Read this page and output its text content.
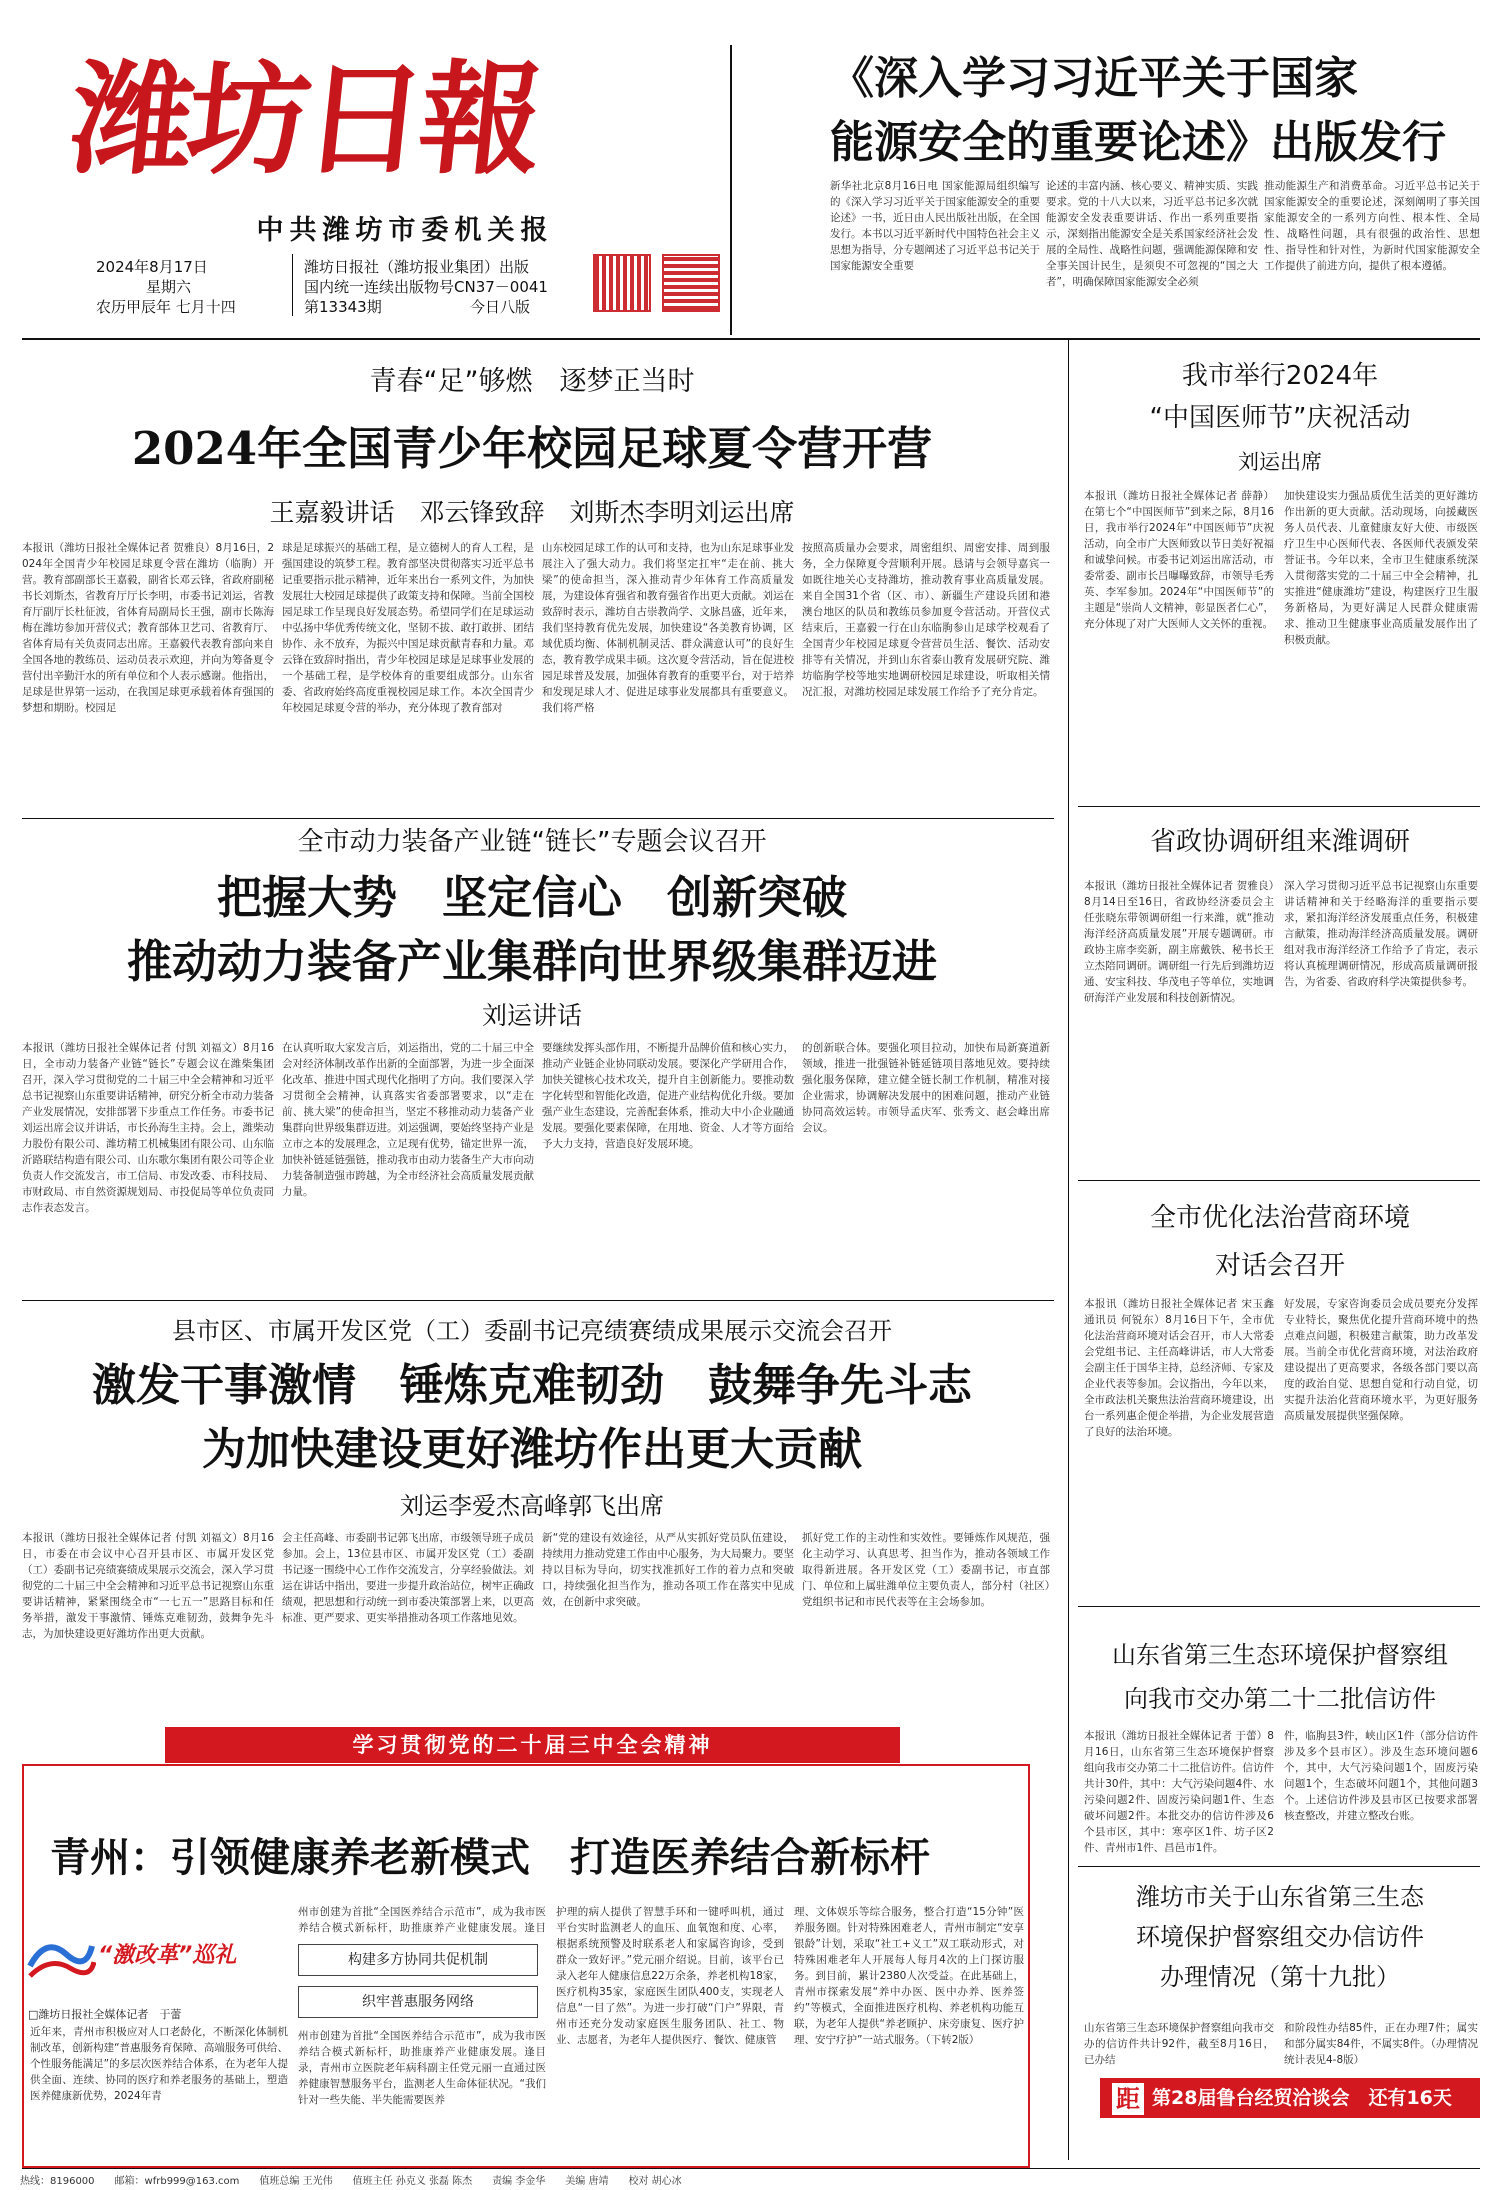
潍坊日報
中共潍坊市委机关报
2024年8月17日
星期六
农历甲辰年 七月十四
潍坊日报社（潍坊报业集团）出版
国内统一连续出版物号CN37－0041
第13343期	今日八版
《深入学习习近平关于国家
能源安全的重要论述》出版发行
新华社北京8月16日电 国家能源局组织编写的《深入学习习近平关于国家能源安全的重要论述》一书，近日由人民出版社出版，在全国发行。本书以习近平新时代中国特色社会主义思想为指导，分专题阐述了习近平总书记关于国家能源安全重要
论述的丰富内涵、核心要义、精神实质、实践要求。党的十八大以来，习近平总书记多次就能源安全发表重要讲话、作出一系列重要指示，深刻指出能源安全是关系国家经济社会发展的全局性、战略性问题，强调能源保障和安全事关国计民生，是须臾不可忽视的“国之大者”，明确保障国家能源安全必须
推动能源生产和消费革命。习近平总书记关于国家能源安全的重要论述，深刻阐明了事关国家能源安全的一系列方向性、根本性、全局性、战略性问题，具有很强的政治性、思想性、指导性和针对性，为新时代国家能源安全工作提供了前进方向，提供了根本遵循。
青春“足”够燃　逐梦正当时
2024年全国青少年校园足球夏令营开营
王嘉毅讲话　邓云锋致辞　刘斯杰李明刘运出席
本报讯（潍坊日报社全媒体记者 贺雅良）8月16日，2024年全国青少年校园足球夏令营在潍坊（临朐）开营。教育部副部长王嘉毅，副省长邓云锋，省政府副秘书长刘斯杰，省教育厅厅长李明，市委书记刘运，省教育厅副厅长杜征波，省体育局副局长王强，副市长陈海梅在潍坊参加开营仪式；教育部体卫艺司、省教育厅、省体育局有关负责同志出席。王嘉毅代表教育部向来自全国各地的教练员、运动员表示欢迎，并向为筹备夏令营付出辛勤汗水的所有单位和个人表示感谢。他指出，足球是世界第一运动，在我国足球更承载着体育强国的梦想和期盼。校园足
球是足球振兴的基础工程，是立德树人的育人工程，是强国建设的筑梦工程。教育部坚决贯彻落实习近平总书记重要指示批示精神，近年来出台一系列文件，为加快发展壮大校园足球提供了政策支持和保障。当前全国校园足球工作呈现良好发展态势。希望同学们在足球运动中弘扬中华优秀传统文化，坚韧不拔、敢打敢拼、团结协作、永不放弃，为振兴中国足球贡献青春和力量。邓云锋在致辞时指出，青少年校园足球是足球事业发展的一个基础工程，是学校体育的重要组成部分。山东省委、省政府始终高度重视校园足球工作。本次全国青少年校园足球夏令营的举办，充分体现了教育部对
山东校园足球工作的认可和支持，也为山东足球事业发展注入了强大动力。我们将坚定扛牢“走在前、挑大梁”的使命担当，深入推动青少年体育工作高质量发展，为建设体育强省和教育强省作出更大贡献。刘运在致辞时表示，潍坊自古崇教尚学、文脉昌盛，近年来，我们坚持教育优先发展，加快建设“各美教育协调，区域优质均衡、体制机制灵活、群众满意认可”的良好生态，教育教学成果丰硕。这次夏令营活动，旨在促进校园足球普及发展，加强体育教育的重要平台，对于培养和发现足球人才、促进足球事业发展都具有重要意义。我们将严格
按照高质量办会要求，周密组织、周密安排、周到服务，全力保障夏令营顺利开展。恳请与会领导嘉宾一如既往地关心支持潍坊，推动教育事业高质量发展。来自全国31个省（区、市）、新疆生产建设兵团和港澳台地区的队员和教练员参加夏令营活动。开营仪式结束后，王嘉毅一行在山东临朐参山足球学校观看了全国青少年校园足球夏令营营员生活、餐饮、活动安排等有关情况，并到山东省泰山教育发展研究院、潍坊临朐学校等地实地调研校园足球建设，听取相关情况汇报，对潍坊校园足球发展工作给予了充分肯定。
全市动力装备产业链“链长”专题会议召开
把握大势　坚定信心　创新突破
推动动力装备产业集群向世界级集群迈进
刘运讲话
本报讯（潍坊日报社全媒体记者 付凯 刘福文）8月16日，全市动力装备产业链“链长”专题会议在潍柴集团召开，深入学习贯彻党的二十届三中全会精神和习近平总书记视察山东重要讲话精神，研究分析全市动力装备产业发展情况，安排部署下步重点工作任务。市委书记刘运出席会议并讲话，市长孙海生主持。会上，潍柴动力股份有限公司、潍坊精工机械集团有限公司、山东临沂路联结构造有限公司、山东歌尔集团有限公司等企业负责人作交流发言，市工信局、市发改委、市科技局、市财政局、市自然资源规划局、市投促局等单位负责同志作表态发言。
在认真听取大家发言后，刘运指出，党的二十届三中全会对经济体制改革作出新的全面部署，为进一步全面深化改革、推进中国式现代化指明了方向。我们要深入学习贯彻全会精神，认真落实省委部署要求，以“走在前、挑大梁”的使命担当，坚定不移推动动力装备产业集群向世界级集群迈进。刘运强调，要始终坚持产业是立市之本的发展理念，立足现有优势，锚定世界一流，加快补链延链强链，推动我市由动力装备生产大市向动力装备制造强市跨越，为全市经济社会高质量发展贡献力量。
要继续发挥头部作用，不断提升品牌价值和核心实力，推动产业链企业协同联动发展。要深化产学研用合作，加快关键核心技术攻关，提升自主创新能力。要推动数字化转型和智能化改造，促进产业结构优化升级。要加强产业生态建设，完善配套体系，推动大中小企业融通发展。要强化要素保障，在用地、资金、人才等方面给予大力支持，营造良好发展环境。
的创新联合体。要强化项目拉动，加快布局新赛道新领域，推进一批强链补链延链项目落地见效。要持续强化服务保障，建立健全链长制工作机制，精准对接企业需求，协调解决发展中的困难问题，推动产业链协同高效运转。市领导孟庆军、张秀文、赵会峰出席会议。
县市区、市属开发区党（工）委副书记亮绩赛绩成果展示交流会召开
激发干事激情　锤炼克难韧劲　鼓舞争先斗志
为加快建设更好潍坊作出更大贡献
刘运李爱杰高峰郭飞出席
本报讯（潍坊日报社全媒体记者 付凯 刘福文）8月16日，市委在市会议中心召开县市区、市属开发区党（工）委副书记亮绩赛绩成果展示交流会，深入学习贯彻党的二十届三中全会精神和习近平总书记视察山东重要讲话精神，紧紧围绕全市“一七五一”思路目标和任务举措，激发干事激情、锤炼克难韧劲，鼓舞争先斗志，为加快建设更好潍坊作出更大贡献。
会主任高峰、市委副书记郭飞出席，市级领导班子成员参加。会上，13位县市区、市属开发区党（工）委副书记逐一围绕中心工作作交流发言，分享经验做法。刘运在讲话中指出，要进一步提升政治站位，树牢正确政绩观，把思想和行动统一到市委决策部署上来，以更高标准、更严要求、更实举措推动各项工作落地见效。
新“党的建设有效途径，从严从实抓好党员队伍建设，持续用力推动党建工作由中心服务，为大局聚力。要坚持以目标为导向，切实找准抓好工作的着力点和突破口，持续强化担当作为，推动各项工作在落实中见成效，在创新中求突破。
抓好党工作的主动性和实效性。要锤炼作风规范，强化主动学习、认真思考、担当作为，推动各领域工作取得新进展。各开发区党（工）委副书记，市直部门、单位和上属驻潍单位主要负责人，部分村（社区）党组织书记和市民代表等在主会场参加。
学习贯彻党的二十届三中全会精神
青州：引领健康养老新模式　打造医养结合新标杆
“激改革”巡礼
□潍坊日报社全媒体记者　于蕾
近年来，青州市积极应对人口老龄化，不断深化体制机制改革，创新构建“普惠服务育保障、高端服务可供给、个性服务能满足”的多层次医养结合体系，在为老年人提供全面、连续、协同的医疗和养老服务的基础上，塑造医养健康新优势，2024年青
州市创建为首批“全国医养结合示范市”，成为我市医养结合模式新标杆，助推康养产业健康发展。逢目
构建多方协同共促机制
织牢普惠服务网络
州市创建为首批“全国医养结合示范市”，成为我市医养结合模式新标杆，助推康养产业健康发展。逢目录，青州市立医院老年病科副主任党元丽一直通过医养健康智慧服务平台，监测老人生命体征状况。“我们针对一些失能、半失能需要医养
护理的病人提供了智慧手环和一键呼叫机，通过平台实时监测老人的血压、血氧饱和度、心率，根据系统预警及时联系老人和家属咨询诊，受到群众一致好评。”党元丽介绍说。目前，该平台已录入老年人健康信息22万余条，养老机构18家，医疗机构35家，家庭医生团队400支，实现老人信息“一目了然”。为进一步打破“门户”界限，青州市还充分发动家庭医生服务团队、社工、物业、志愿者，为老年人提供医疗、餐饮、健康管
理、文体娱乐等综合服务，整合打造“15分钟”医养服务圈。针对特殊困难老人，青州市制定“安享银龄”计划，采取“社工+义工”双工联动形式，对特殊困难老年人开展每人每月4次的上门探访服务。到目前，累计2380人次受益。在此基础上，青州市探索发展“养中办医、医中办养、医养签约”等模式，全面推进医疗机构、养老机构功能互联，为老年人提供“养老顾护、床旁康复、医疗护理、安宁疗护”一站式服务。（下转2版）
我市举行2024年
“中国医师节”庆祝活动
刘运出席
本报讯（潍坊日报社全媒体记者 薛静）在第七个“中国医师节”到来之际，8月16日，我市举行2024年“中国医师节”庆祝活动，向全市广大医师致以节日美好祝福和诚挚问候。市委书记刘运出席活动，市委常委、副市长吕曝曝致辞，市领导毛秀英、李军参加。2024年“中国医师节”的主题是“崇尚人文精神，彰显医者仁心”，充分体现了对广大医师人文关怀的重视。
加快建设实力强品质优生活美的更好潍坊作出新的更大贡献。活动现场，向援藏医务人员代表、儿童健康友好大使、市级医疗卫生中心医师代表、各医师代表颁发荣誉证书。今年以来，全市卫生健康系统深入贯彻落实党的二十届三中全会精神，扎实推进“健康潍坊”建设，构建医疗卫生服务新格局，为更好满足人民群众健康需求、推动卫生健康事业高质量发展作出了积极贡献。
省政协调研组来潍调研
本报讯（潍坊日报社全媒体记者 贺雅良）8月14日至16日，省政协经济委员会主任张晓东带领调研组一行来潍，就“推动海洋经济高质量发展”开展专题调研。市政协主席李奕新，副主席戴铁、秘书长王立杰陪同调研。调研组一行先后到潍坊迈通、安宝科技、华茂电子等单位，实地调研海洋产业发展和科技创新情况。
深入学习贯彻习近平总书记视察山东重要讲话精神和关于经略海洋的重要指示要求，紧扣海洋经济发展重点任务，积极建言献策，推动海洋经济高质量发展。调研组对我市海洋经济工作给予了肯定，表示将认真梳理调研情况，形成高质量调研报告，为省委、省政府科学决策提供参考。
全市优化法治营商环境
对话会召开
本报讯（潍坊日报社全媒体记者 宋玉鑫 通讯员 何锐东）8月16日下午，全市优化法治营商环境对话会召开，市人大常委会党组书记、主任高峰讲话，市人大常委会副主任于国华主持，总经济师、专家及企业代表等参加。会议指出，今年以来，全市政法机关聚焦法治营商环境建设，出台一系列惠企便企举措，为企业发展营造了良好的法治环境。
好发展，专家咨询委员会成员要充分发挥专业特长，聚焦优化提升营商环境中的热点难点问题，积极建言献策，助力改革发展。当前全市优化营商环境，对法治政府建设提出了更高要求，各级各部门要以高度的政治自觉、思想自觉和行动自觉，切实提升法治化营商环境水平，为更好服务高质量发展提供坚强保障。
山东省第三生态环境保护督察组
向我市交办第二十二批信访件
本报讯（潍坊日报社全媒体记者 于蕾）8月16日，山东省第三生态环境保护督察组向我市交办第二十二批信访件。信访件共计30件，其中：大气污染问题4件、水污染问题2件、固废污染问题1件、生态破坏问题2件。本批交办的信访件涉及6个县市区，其中：寒亭区1件、坊子区2件、青州市1件、昌邑市1件。
件，临朐县3件，峡山区1件（部分信访件涉及多个县市区）。涉及生态环境问题6个，其中，大气污染问题1个，固废污染问题1个，生态破坏问题1个，其他问题3个。上述信访件涉及县市区已按要求部署核查整改，并建立整改台账。
潍坊市关于山东省第三生态
环境保护督察组交办信访件
办理情况（第十九批）
山东省第三生态环境保护督察组向我市交办的信访件共计92件，截至8月16日，已办结
和阶段性办结85件，正在办理7件；属实和部分属实84件，不属实8件。（办理情况统计表见4-8版）
距 第28届鲁台经贸洽谈会　还有16天
热线：8196000　　邮箱：wfrb999@163.com　　值班总编 王光伟　　值班主任 孙克义 张磊 陈杰　　责编 李金华　　美编 唐靖　　校对 胡心冰
